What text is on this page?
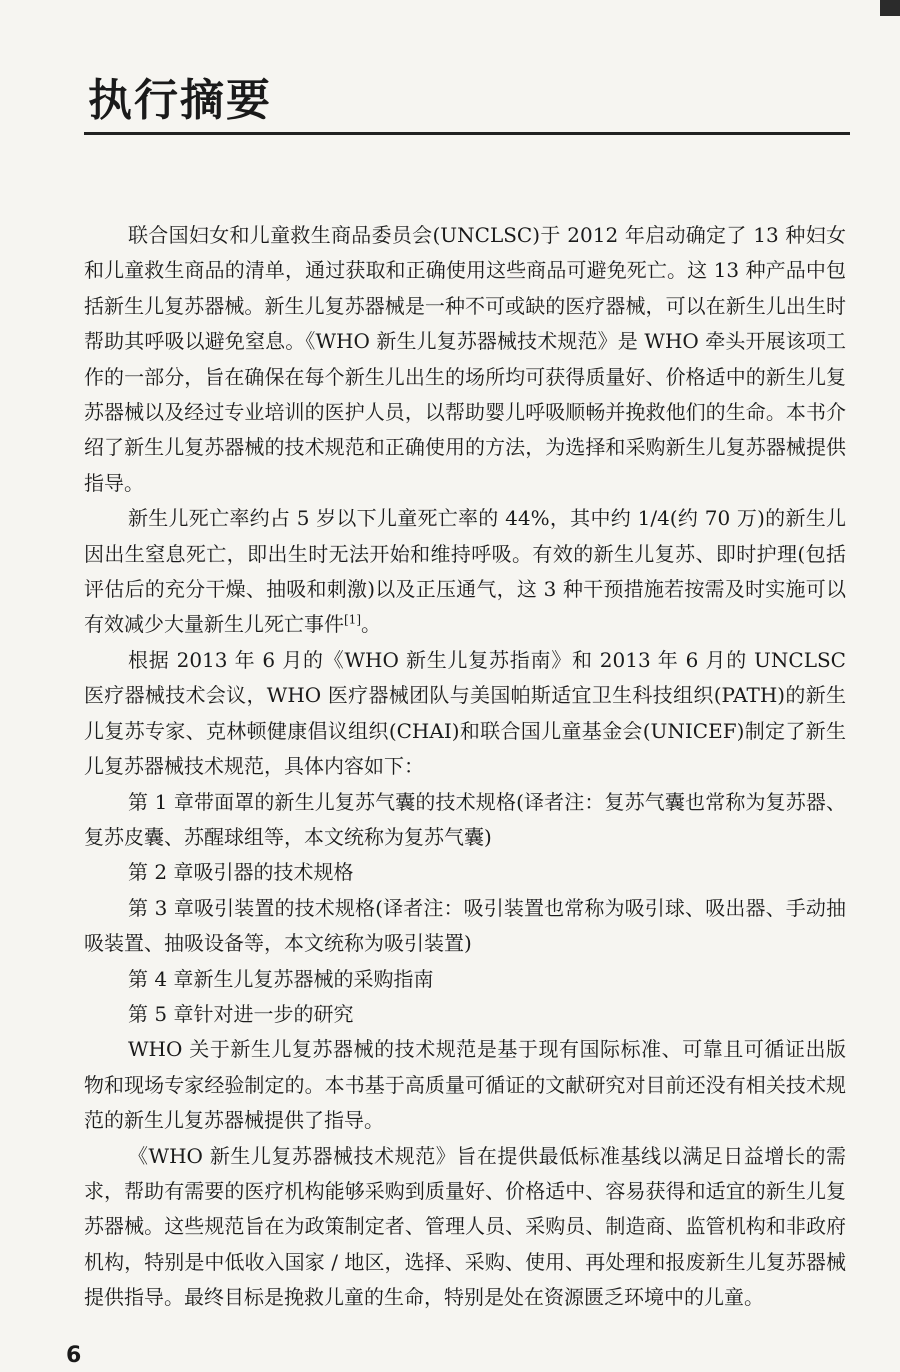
执行摘要

联合国妇女和儿童救生商品委员会(UNCLSC)于 2012 年启动确定了 13 种妇女和儿童救生商品的清单，通过获取和正确使用这些商品可避免死亡。这 13 种产品中包括新生儿复苏器械。新生儿复苏器械是一种不可或缺的医疗器械，可以在新生儿出生时帮助其呼吸以避免窒息。《WHO 新生儿复苏器械技术规范》是 WHO 牵头开展该项工作的一部分，旨在确保在每个新生儿出生的场所均可获得质量好、价格适中的新生儿复苏器械以及经过专业培训的医护人员，以帮助婴儿呼吸顺畅并挽救他们的生命。本书介绍了新生儿复苏器械的技术规范和正确使用的方法，为选择和采购新生儿复苏器械提供指导。

新生儿死亡率约占 5 岁以下儿童死亡率的 44%，其中约 1/4(约 70 万)的新生儿因出生窒息死亡，即出生时无法开始和维持呼吸。有效的新生儿复苏、即时护理(包括评估后的充分干燥、抽吸和刺激)以及正压通气，这 3 种干预措施若按需及时实施可以有效减少大量新生儿死亡事件[1]。

根据 2013 年 6 月的《WHO 新生儿复苏指南》和 2013 年 6 月的 UNCLSC 医疗器械技术会议，WHO 医疗器械团队与美国帕斯适宜卫生科技组织(PATH)的新生儿复苏专家、克林顿健康倡议组织(CHAI)和联合国儿童基金会(UNICEF)制定了新生儿复苏器械技术规范，具体内容如下：

第 1 章带面罩的新生儿复苏气囊的技术规格(译者注：复苏气囊也常称为复苏器、复苏皮囊、苏醒球组等，本文统称为复苏气囊)

第 2 章吸引器的技术规格

第 3 章吸引装置的技术规格(译者注：吸引装置也常称为吸引球、吸出器、手动抽吸装置、抽吸设备等，本文统称为吸引装置)

第 4 章新生儿复苏器械的采购指南

第 5 章针对进一步的研究

WHO 关于新生儿复苏器械的技术规范是基于现有国际标准、可靠且可循证出版物和现场专家经验制定的。本书基于高质量可循证的文献研究对目前还没有相关技术规范的新生儿复苏器械提供了指导。

《WHO 新生儿复苏器械技术规范》旨在提供最低标准基线以满足日益增长的需求，帮助有需要的医疗机构能够采购到质量好、价格适中、容易获得和适宜的新生儿复苏器械。这些规范旨在为政策制定者、管理人员、采购员、制造商、监管机构和非政府机构，特别是中低收入国家 / 地区，选择、采购、使用、再处理和报废新生儿复苏器械提供指导。最终目标是挽救儿童的生命，特别是处在资源匮乏环境中的儿童。

6
